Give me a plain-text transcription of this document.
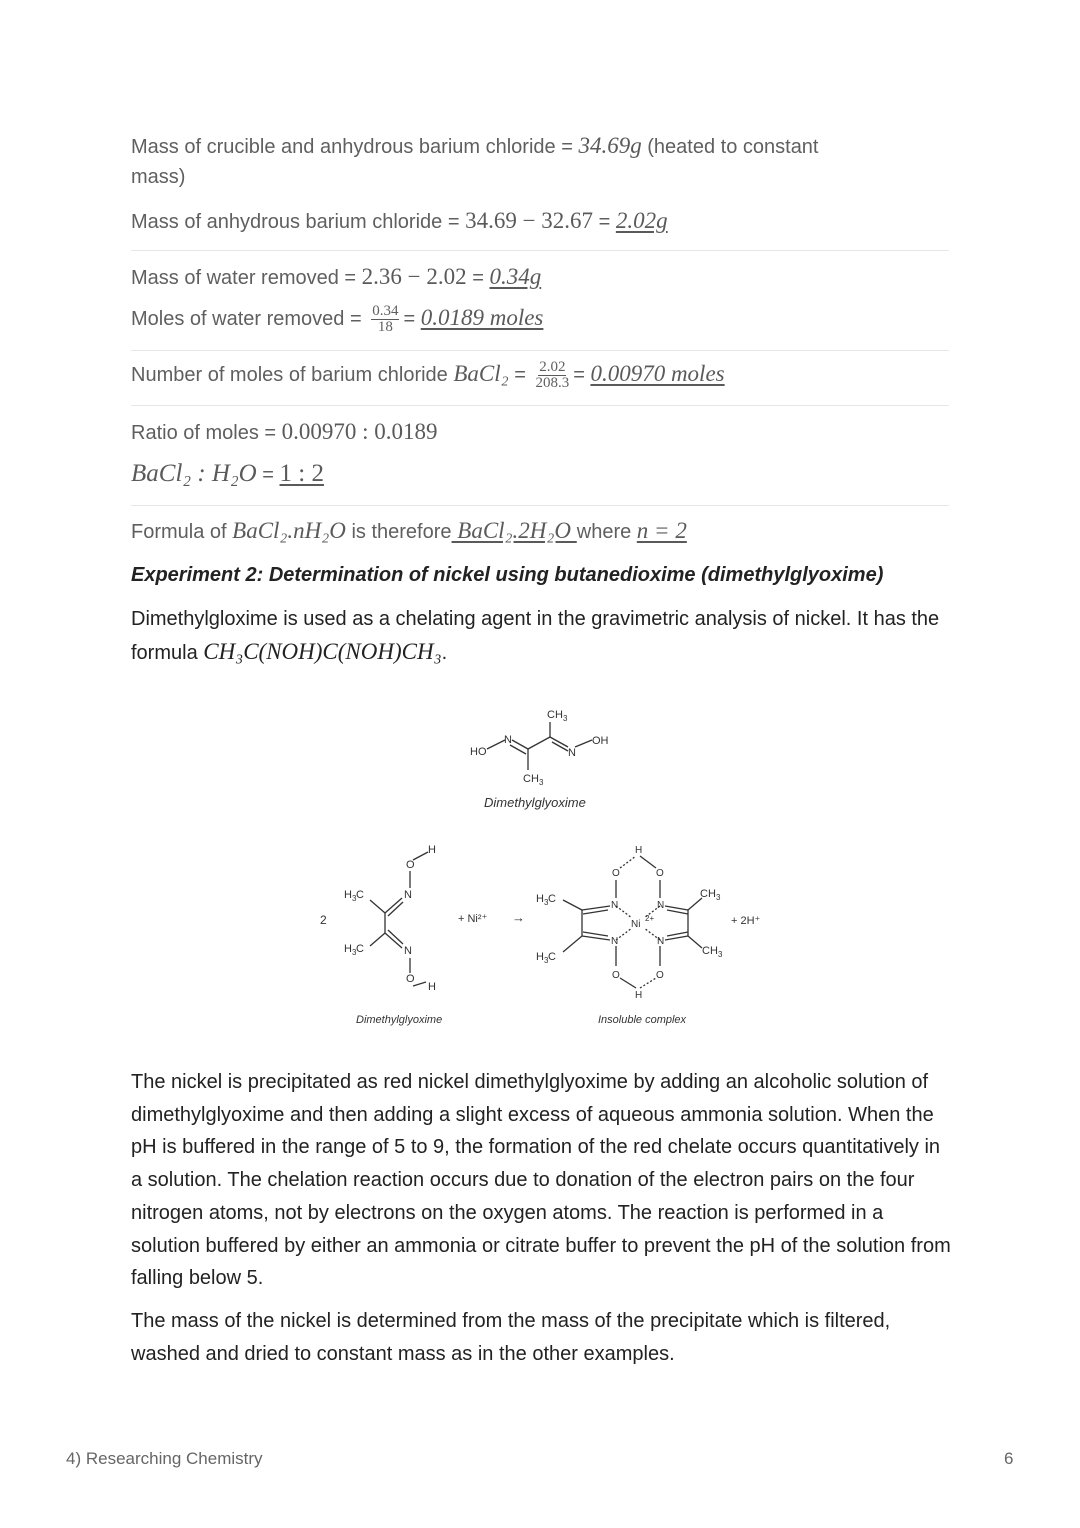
Mass of crucible and anhydrous barium chloride = 34.69g (heated to constant
mass)
Mass of anhydrous barium chloride = 34.69 − 32.67 = 2.02g
Mass of water removed = 2.36 − 2.02 = 0.34g
Moles of water removed = $\frac{0.34}{18} = 0.0189$ moles
Number of moles of barium chloride BaCl₂ = $\frac{2.02}{208.3} = 0.00970$ moles
Ratio of moles = 0.00970 : 0.0189
BaCl₂ : H₂O = 1 : 2
Formula of BaCl₂.nH₂O is therefore BaCl₂.2H₂O where n = 2
Experiment 2: Determination of nickel using butanedioxime (dimethylglyoxime)
Dimethylgloxime is used as a chelating agent in the gravimetric analysis of nickel. It has the formula CH₃C(NOH)C(NOH)CH₃.
HO
N
CH 3
N
OH
CH 3
Dimethylglyoxime
2
H 3 C	N
O
H
H 3 C	N
O
H
Dimethylglyoxime
+ Ni²⁺ →
H 3 C
H 3 C
N
N
N
N
Ni
2+
O	O
O	O
H
H
CH 3
CH 3
Insoluble complex
+ 2H⁺
The nickel is precipitated as red nickel dimethylglyoxime by adding an alcoholic solution of dimethylglyoxime and then adding a slight excess of aqueous ammonia solution. When the pH is buffered in the range of 5 to 9, the formation of the red chelate occurs quantitatively in a solution. The chelation reaction occurs due to donation of the electron pairs on the four nitrogen atoms, not by electrons on the oxygen atoms. The reaction is performed in a solution buffered by either an ammonia or citrate buffer to prevent the pH of the solution from falling below 5.
The mass of the nickel is determined from the mass of the precipitate which is filtered, washed and dried to constant mass as in the other examples.
4) Researching Chemistry	6
